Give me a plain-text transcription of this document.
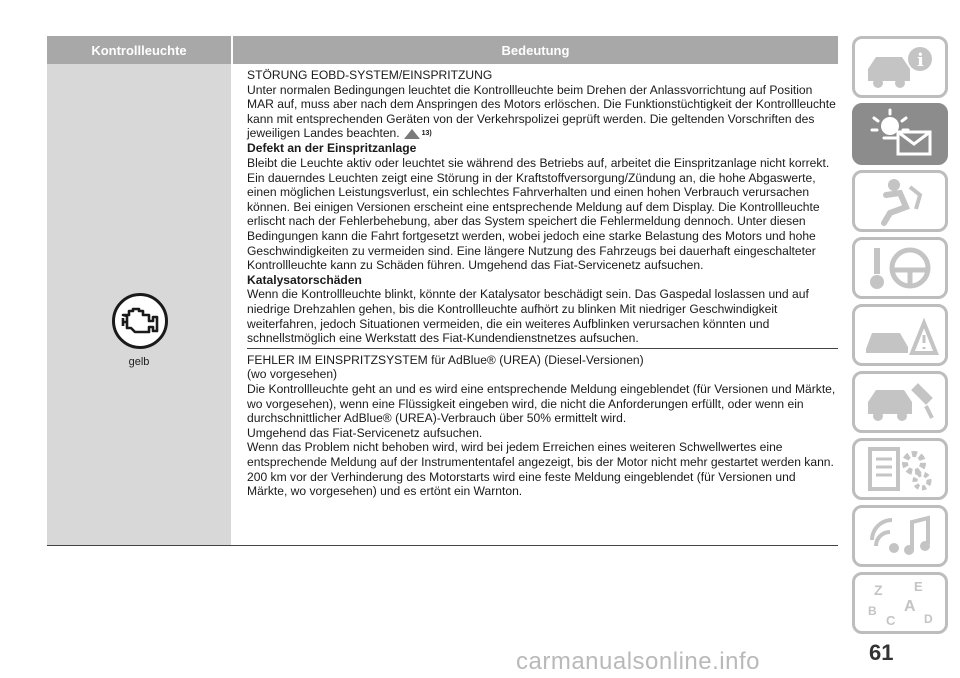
Kontrollleuchte	Bedeutung
gelb

STÖRUNG EOBD-SYSTEM/EINSPRITZUNG

Unter normalen Bedingungen leuchtet die Kontrollleuchte beim Drehen der Anlassvorrichtung auf Position MAR auf, muss aber nach dem Anspringen des Motors erlöschen. Die Funktionstüchtigkeit der Kontrollleuchte kann mit entsprechenden Geräten von der Verkehrspolizei geprüft werden. Die geltenden Vorschriften des jeweiligen Landes beachten.	13)

Defekt an der Einspritzanlage

Bleibt die Leuchte aktiv oder leuchtet sie während des Betriebs auf, arbeitet die Einspritzanlage nicht korrekt. Ein dauerndes Leuchten zeigt eine Störung in der Kraftstoffversorgung/Zündung an, die hohe Abgaswerte, einen möglichen Leistungsverlust, ein schlechtes Fahrverhalten und einen hohen Verbrauch verursachen können. Bei einigen Versionen erscheint eine entsprechende Meldung auf dem Display. Die Kontrollleuchte erlischt nach der Fehlerbehebung, aber das System speichert die Fehlermeldung dennoch. Unter diesen Bedingungen kann die Fahrt fortgesetzt werden, wobei jedoch eine starke Belastung des Motors und hohe Geschwindigkeiten zu vermeiden sind. Eine längere Nutzung des Fahrzeugs bei dauerhaft eingeschalteter Kontrollleuchte kann zu Schäden führen. Umgehend das Fiat-Servicenetz aufsuchen.

Katalysatorschäden

Wenn die Kontrollleuchte blinkt, könnte der Katalysator beschädigt sein. Das Gaspedal loslassen und auf niedrige Drehzahlen gehen, bis die Kontrollleuchte aufhört zu blinken Mit niedriger Geschwindigkeit weiterfahren, jedoch Situationen vermeiden, die ein weiteres Aufblinken verursachen könnten und schnellstmöglich eine Werkstatt des Fiat-Kundendienstnetzes aufsuchen.

FEHLER IM EINSPRITZSYSTEM für AdBlue® (UREA) (Diesel-Versionen)

(wo vorgesehen)

Die Kontrollleuchte geht an und es wird eine entsprechende Meldung eingeblendet (für Versionen und Märkte, wo vorgesehen), wenn eine Flüssigkeit eingeben wird, die nicht die Anforderungen erfüllt, oder wenn ein durchschnittlicher AdBlue® (UREA)-Verbrauch über 50% ermittelt wird.

Umgehend das Fiat-Servicenetz aufsuchen.

Wenn das Problem nicht behoben wird, wird bei jedem Erreichen eines weiteren Schwellwertes eine entsprechende Meldung auf der Instrumententafel angezeigt, bis der Motor nicht mehr gestartet werden kann.

200 km vor der Verhinderung des Motorstarts wird eine feste Meldung eingeblendet (für Versionen und Märkte, wo vorgesehen) und es ertönt ein Warnton.

i
Z E
A
B
C D
61
carmanualsonline.info
